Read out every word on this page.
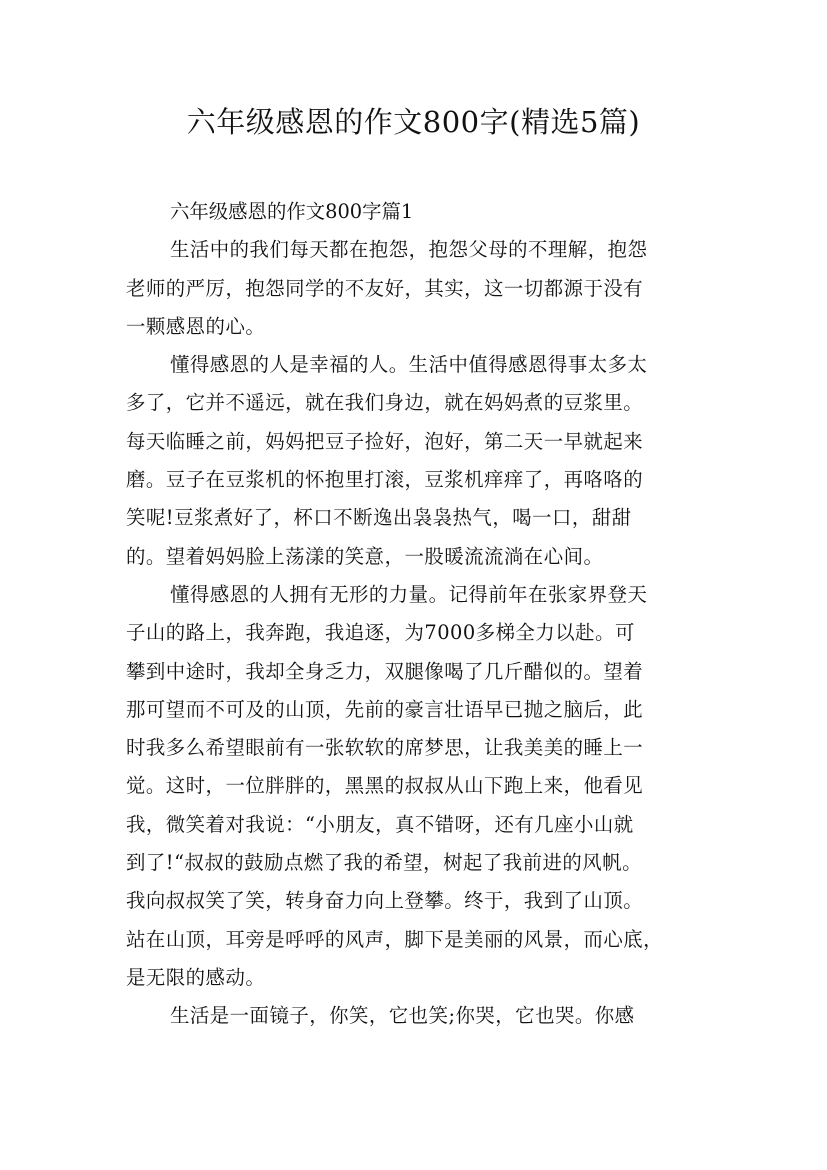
六年级感恩的作文800字(精选5篇)

六年级感恩的作文800字篇1

生活中的我们每天都在抱怨，抱怨父母的不理解，抱怨
老师的严厉，抱怨同学的不友好，其实，这一切都源于没有
一颗感恩的心。

懂得感恩的人是幸福的人。生活中值得感恩得事太多太
多了，它并不遥远，就在我们身边，就在妈妈煮的豆浆里。
每天临睡之前，妈妈把豆子捡好，泡好，第二天一早就起来
磨。豆子在豆浆机的怀抱里打滚，豆浆机痒痒了，再咯咯的
笑呢!豆浆煮好了，杯口不断逸出袅袅热气，喝一口，甜甜
的。望着妈妈脸上荡漾的笑意，一股暖流流淌在心间。

懂得感恩的人拥有无形的力量。记得前年在张家界登天
子山的路上，我奔跑，我追逐，为7000多梯全力以赴。可
攀到中途时，我却全身乏力，双腿像喝了几斤醋似的。望着
那可望而不可及的山顶，先前的豪言壮语早已抛之脑后，此
时我多么希望眼前有一张软软的席梦思，让我美美的睡上一
觉。这时，一位胖胖的，黑黑的叔叔从山下跑上来，他看见
我，微笑着对我说：“小朋友，真不错呀，还有几座小山就
到了!“叔叔的鼓励点燃了我的希望，树起了我前进的风帆。
我向叔叔笑了笑，转身奋力向上登攀。终于，我到了山顶。
站在山顶，耳旁是呼呼的风声，脚下是美丽的风景，而心底，
是无限的感动。

生活是一面镜子，你笑，它也笑;你哭，它也哭。你感
